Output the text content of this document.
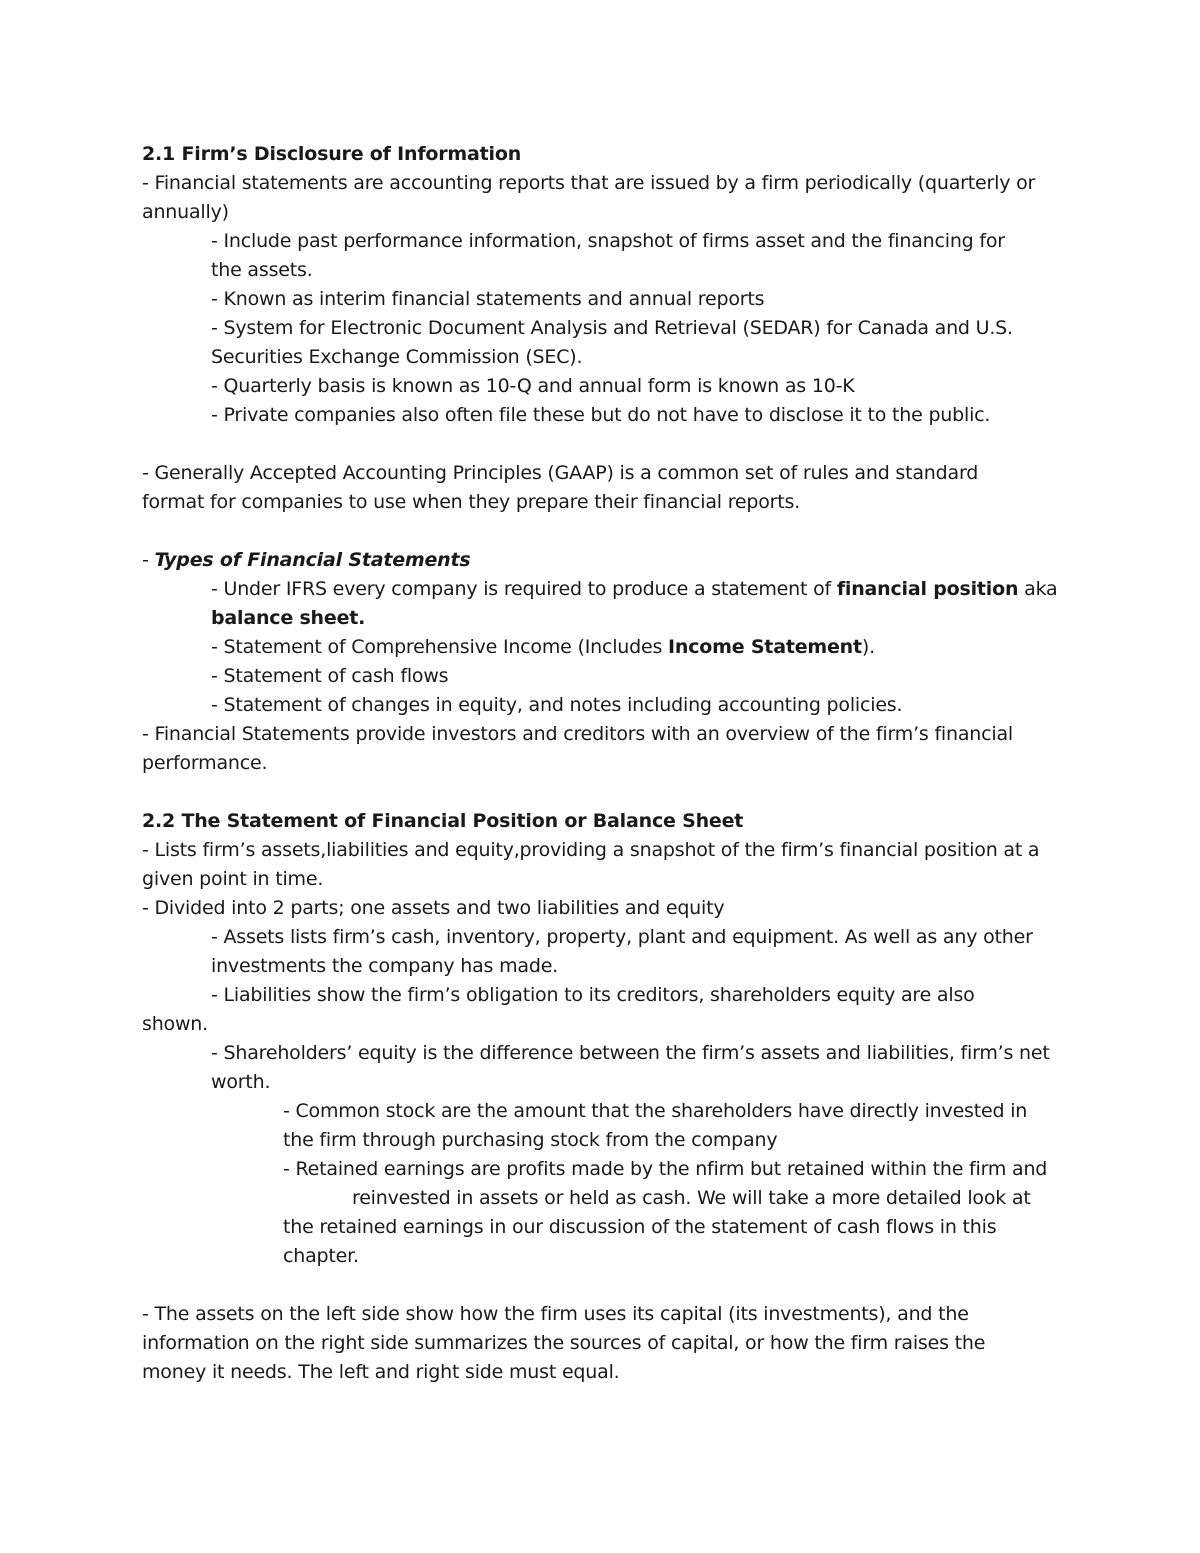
2.1 Firm’s Disclosure of Information
- Financial statements are accounting reports that are issued by a firm periodically (quarterly or
annually)
- Include past performance information, snapshot of firms asset and the financing for
the assets.
- Known as interim financial statements and annual reports
- System for Electronic Document Analysis and Retrieval (SEDAR) for Canada and U.S.
Securities Exchange Commission (SEC).
- Quarterly basis is known as 10-Q and annual form is known as 10-K
- Private companies also often file these but do not have to disclose it to the public.
- Generally Accepted Accounting Principles (GAAP) is a common set of rules and standard
format for companies to use when they prepare their financial reports.
- Types of Financial Statements
- Under IFRS every company is required to produce a statement of financial position aka
balance sheet.
- Statement of Comprehensive Income (Includes Income Statement).
- Statement of cash flows
- Statement of changes in equity, and notes including accounting policies.
- Financial Statements provide investors and creditors with an overview of the firm’s financial
performance.
2.2 The Statement of Financial Position or Balance Sheet
- Lists firm’s assets,liabilities and equity,providing a snapshot of the firm’s financial position at a
given point in time.
- Divided into 2 parts; one assets and two liabilities and equity
- Assets lists firm’s cash, inventory, property, plant and equipment. As well as any other
investments the company has made.
- Liabilities show the firm’s obligation to its creditors, shareholders equity are also
shown.
- Shareholders’ equity is the difference between the firm’s assets and liabilities, firm’s net
worth.
- Common stock are the amount that the shareholders have directly invested in
the firm through purchasing stock from the company
- Retained earnings are profits made by the nfirm but retained within the firm and
reinvested in assets or held as cash. We will take a more detailed look at
the retained earnings in our discussion of the statement of cash flows in this
chapter.
- The assets on the left side show how the firm uses its capital (its investments), and the
information on the right side summarizes the sources of capital, or how the firm raises the
money it needs. The left and right side must equal.
